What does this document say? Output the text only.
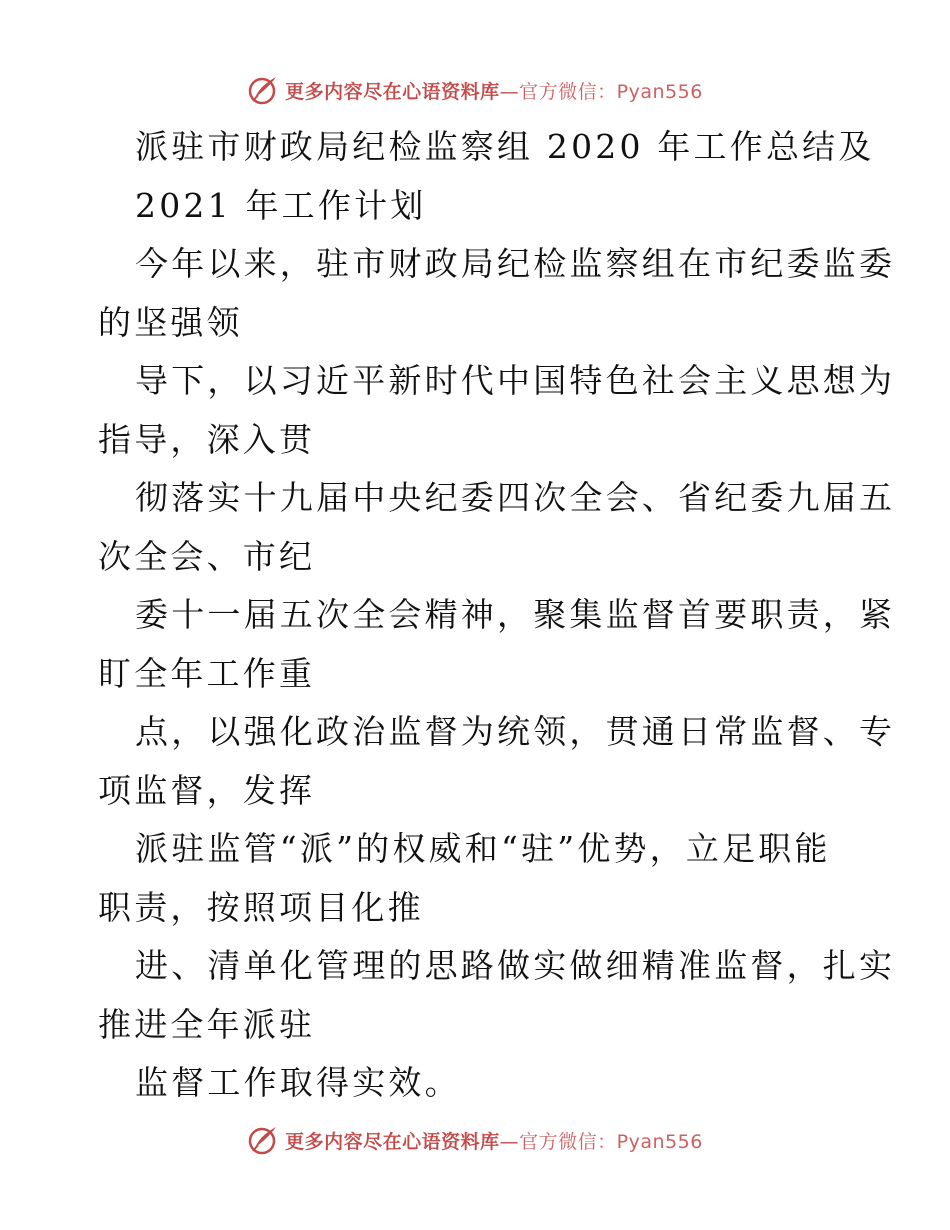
更多内容尽在心语资料库—官方微信：Pyan556
派驻市财政局纪检监察组 2020 年工作总结及
2021 年工作计划
今年以来，驻市财政局纪检监察组在市纪委监委
的坚强领
导下，以习近平新时代中国特色社会主义思想为
指导，深入贯
彻落实十九届中央纪委四次全会、省纪委九届五
次全会、市纪
委十一届五次全会精神，聚集监督首要职责，紧
盯全年工作重
点，以强化政治监督为统领，贯通日常监督、专
项监督，发挥
派驻监管“派”的权威和“驻”优势，立足职能
职责，按照项目化推
进、清单化管理的思路做实做细精准监督，扎实
推进全年派驻
监督工作取得实效。
更多内容尽在心语资料库—官方微信：Pyan556
